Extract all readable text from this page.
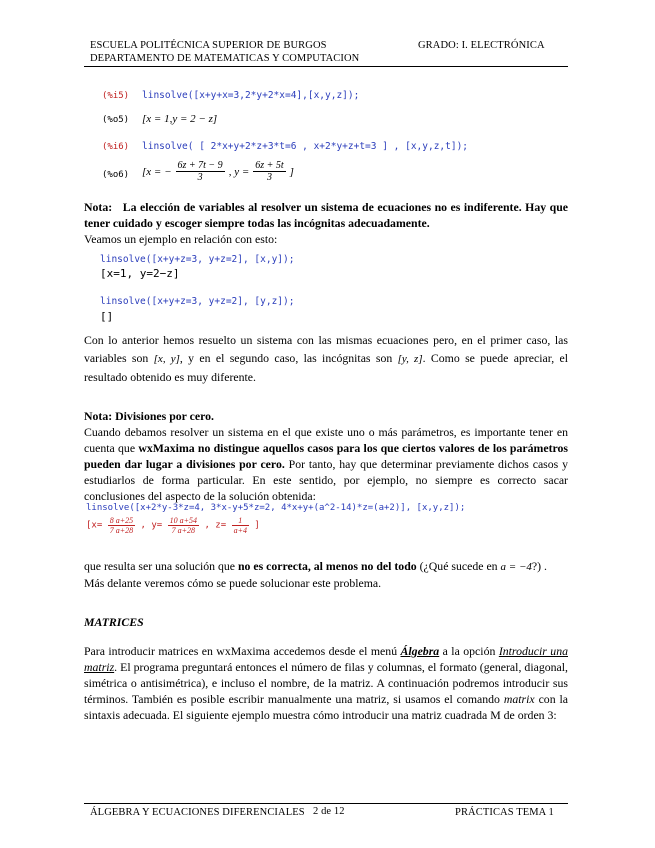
ESCUELA POLITÉCNICA SUPERIOR DE BURGOS
DEPARTAMENTO DE MATEMATICAS Y COMPUTACION
GRADO: I. ELECTRÓNICA
(%i5) linsolve([x+y+x=3,2*y+2*x=4],[x,y,z]);
(%o5) [x = 1,y = 2 − z]
(%i6) linsolve( [ 2*x+y+2*z+3*t=6 , x+2*y+z+t=3 ] , [x,y,z,t]);
(%o6) [x = − $\frac{6z + 7t - 9}{3}$ , $y = \frac{6z + 5t}{3}$ ]
Nota: La elección de variables al resolver un sistema de ecuaciones no es indiferente. Hay que tener cuidado y escoger siempre todas las incógnitas adecuadamente.
Veamos un ejemplo en relación con esto:
linsolve([x+y+z=3, y+z=2], [x,y]);
[x=1, y=2−z]
linsolve([x+y+z=3, y+z=2], [y,z]);
[]
Con lo anterior hemos resuelto un sistema con las mismas ecuaciones pero, en el primer caso, las variables son [x, y], y en el segundo caso, las incógnitas son [y, z]. Como se puede apreciar, el resultado obtenido es muy diferente.
Nota: Divisiones por cero.
Cuando debamos resolver un sistema en el que existe uno o más parámetros, es importante tener en cuenta que wxMaxima no distingue aquellos casos para los que ciertos valores de los parámetros pueden dar lugar a divisiones por cero. Por tanto, hay que determinar previamente dichos casos y estudiarlos de forma particular. En este sentido, por ejemplo, no siempre es correcto sacar conclusiones del aspecto de la solución obtenida:
linsolve([x+2*y-3*z=4, 3*x-y+5*z=2, 4*x+y+(a^2-14)*z=(a+2)], [x,y,z]);
[$x= \frac{8 a+25}{7 a+28}$ , $y= \frac{10 a+54}{7 a+28}$ , $z= \frac{1}{a+4}$ ]
que resulta ser una solución que no es correcta, al menos no del todo (¿Qué sucede en a = −4?) .
Más delante veremos cómo se puede solucionar este problema.
MATRICES
Para introducir matrices en wxMaxima accedemos desde el menú Álgebra a la opción Introducir una matriz. El programa preguntará entonces el número de filas y columnas, el formato (general, diagonal, simétrica o antisimétrica), e incluso el nombre, de la matriz. A continuación podremos introducir sus términos. También es posible escribir manualmente una matriz, si usamos el comando matrix con la sintaxis adecuada. El siguiente ejemplo muestra cómo introducir una matriz cuadrada M de orden 3:
ÁLGEBRA Y ECUACIONES DIFERENCIALES 2 de 12	PRÁCTICAS TEMA 1
